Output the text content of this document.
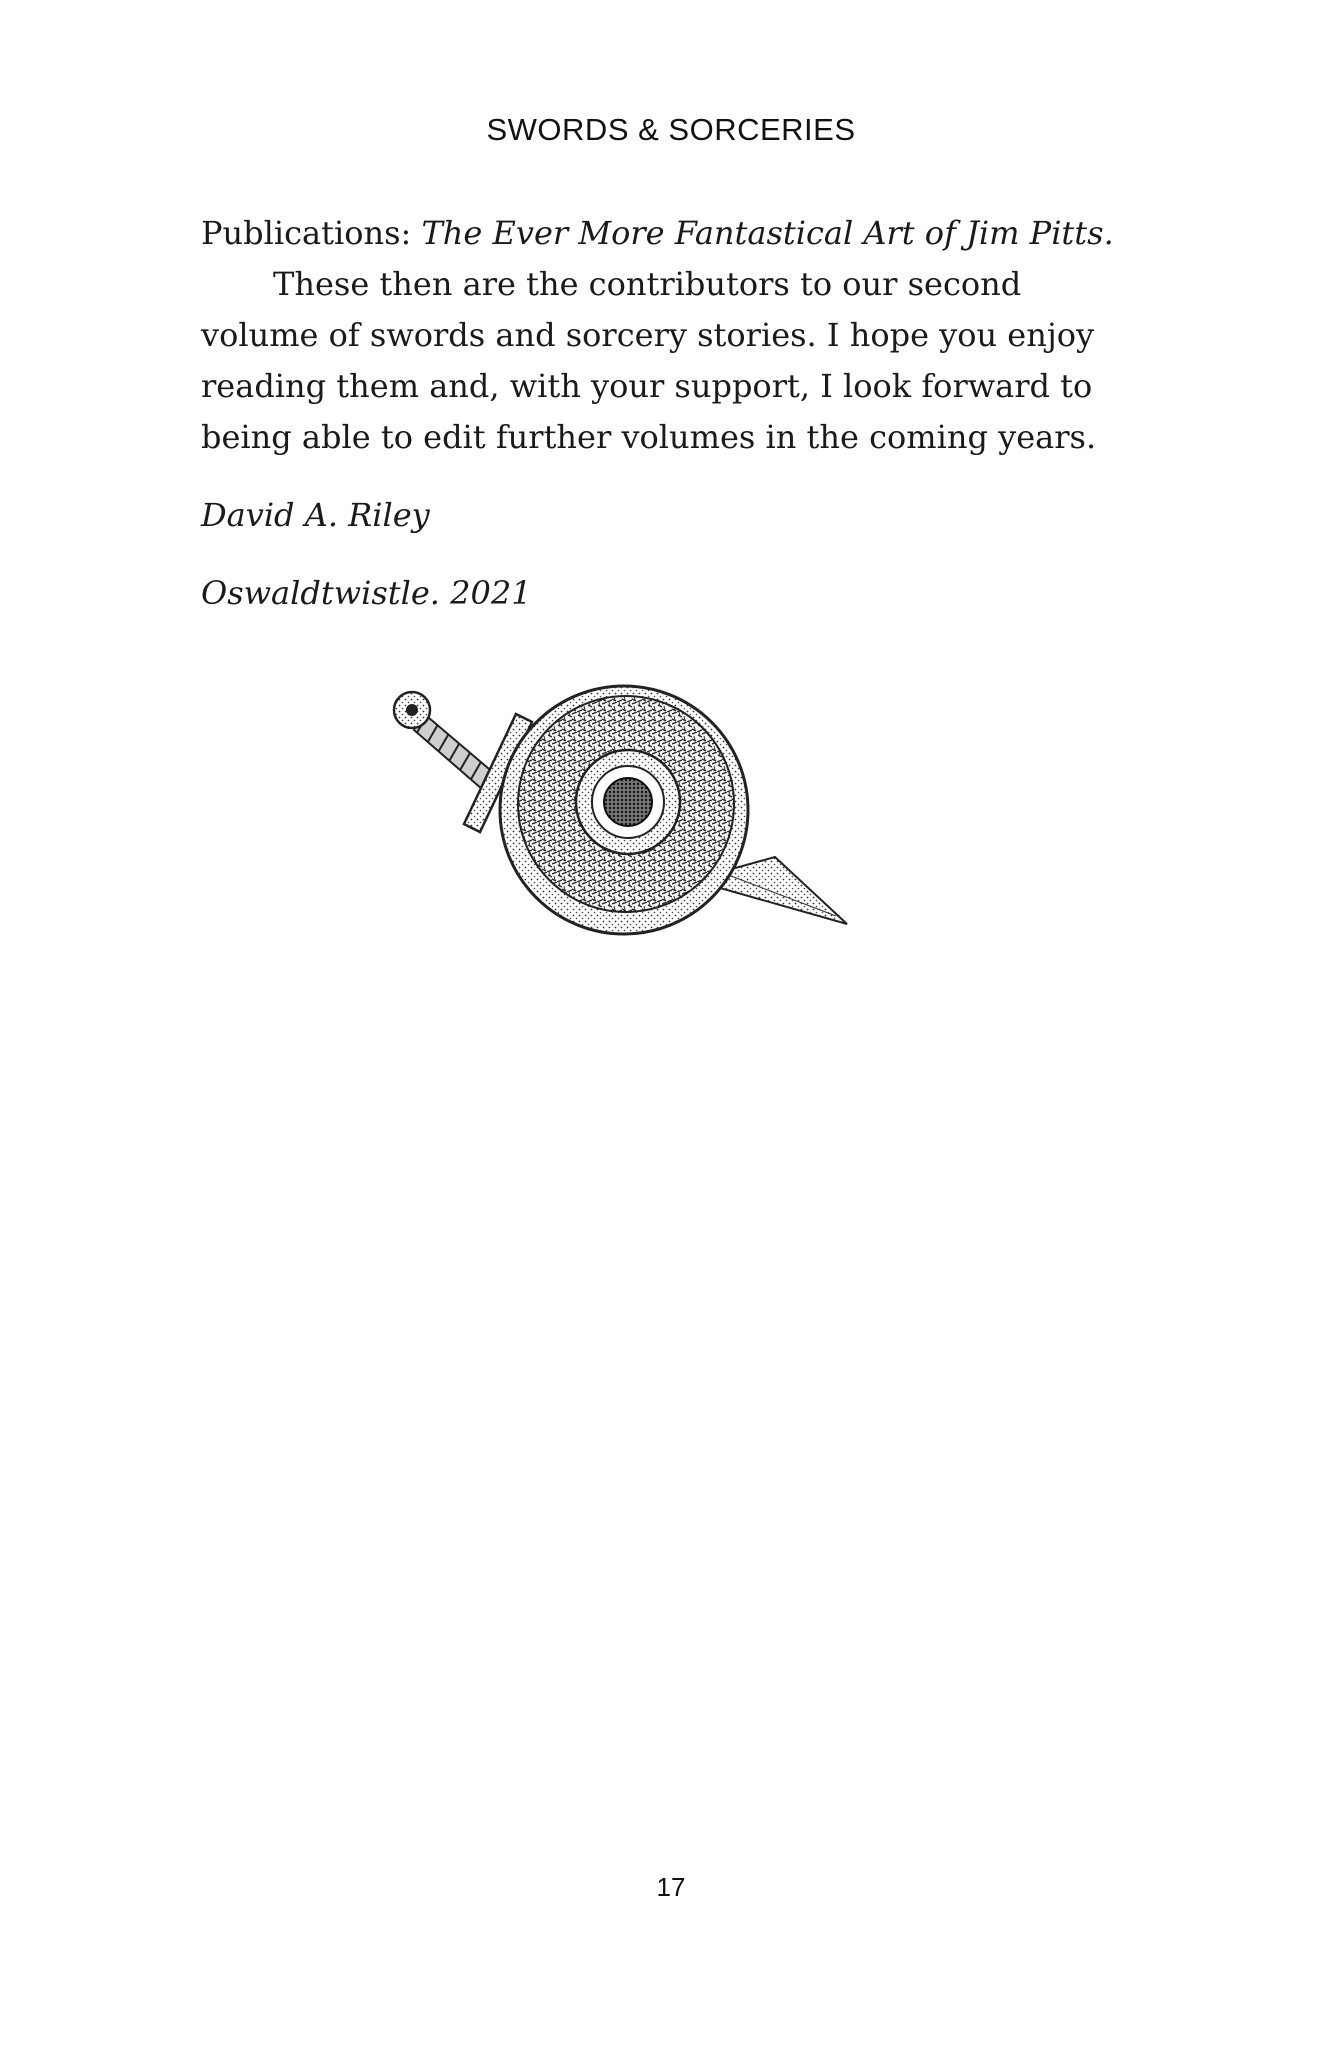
SWORDS & SORCERIES

Publications: The Ever More Fantastical Art of Jim Pitts.

These then are the contributors to our second volume of swords and sorcery stories. I hope you enjoy reading them and, with your support, I look forward to being able to edit further volumes in the coming years.

David A. Riley
Oswaldtwistle. 2021
17
